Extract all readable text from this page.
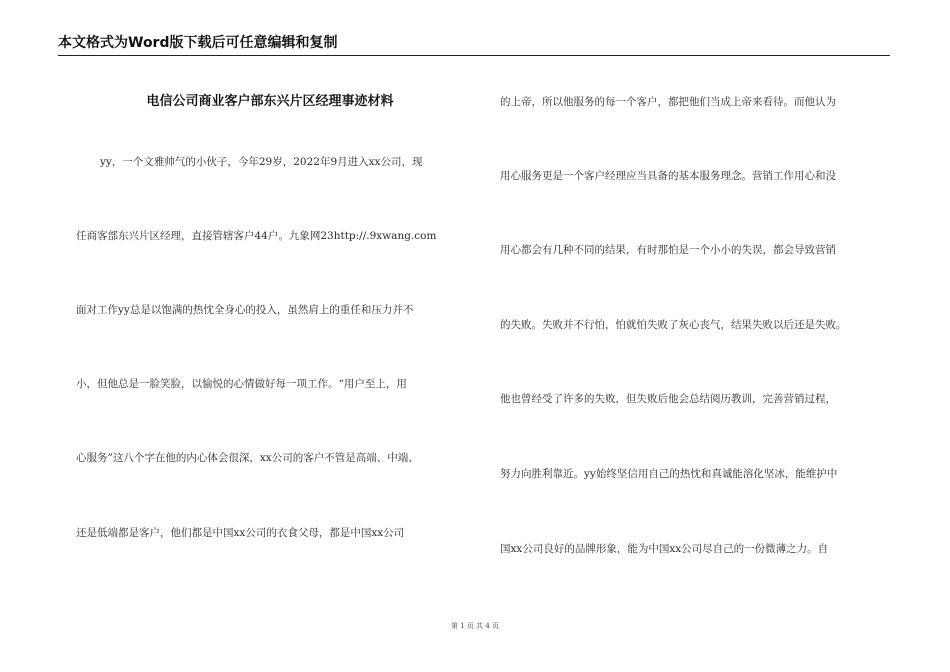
本文格式为Word版下载后可任意编辑和复制
电信公司商业客户部东兴片区经理事迹材料
yy，一个文雅帅气的小伙子，今年29岁，2022年9月进入xx公司，现
任商客部东兴片区经理，直接管辖客户44户。九象网23http://.9xwang.com
面对工作yy总是以饱满的热忱全身心的投入，虽然肩上的重任和压力并不
小，但他总是一脸笑脸，以愉悦的心情做好每一项工作。“用户至上，用
心服务”这八个字在他的内心体会很深，xx公司的客户不管是高端、中端、
还是低端都是客户，他们都是中国xx公司的衣食父母，都是中国xx公司
的上帝，所以他服务的每一个客户，都把他们当成上帝来看待。而他认为
用心服务更是一个客户经理应当具备的基本服务理念。营销工作用心和没
用心都会有几种不同的结果，有时那怕是一个小小的失误，都会导致营销
的失败。失败并不行怕，怕就怕失败了灰心丧气，结果失败以后还是失败。
他也曾经受了许多的失败，但失败后他会总结阅历教训，完善营销过程，
努力向胜利靠近。yy始终坚信用自己的热忱和真诚能溶化坚冰，能维护中
国xx公司良好的品牌形象，能为中国xx公司尽自己的一份微薄之力。自
第 1 页 共 4 页
